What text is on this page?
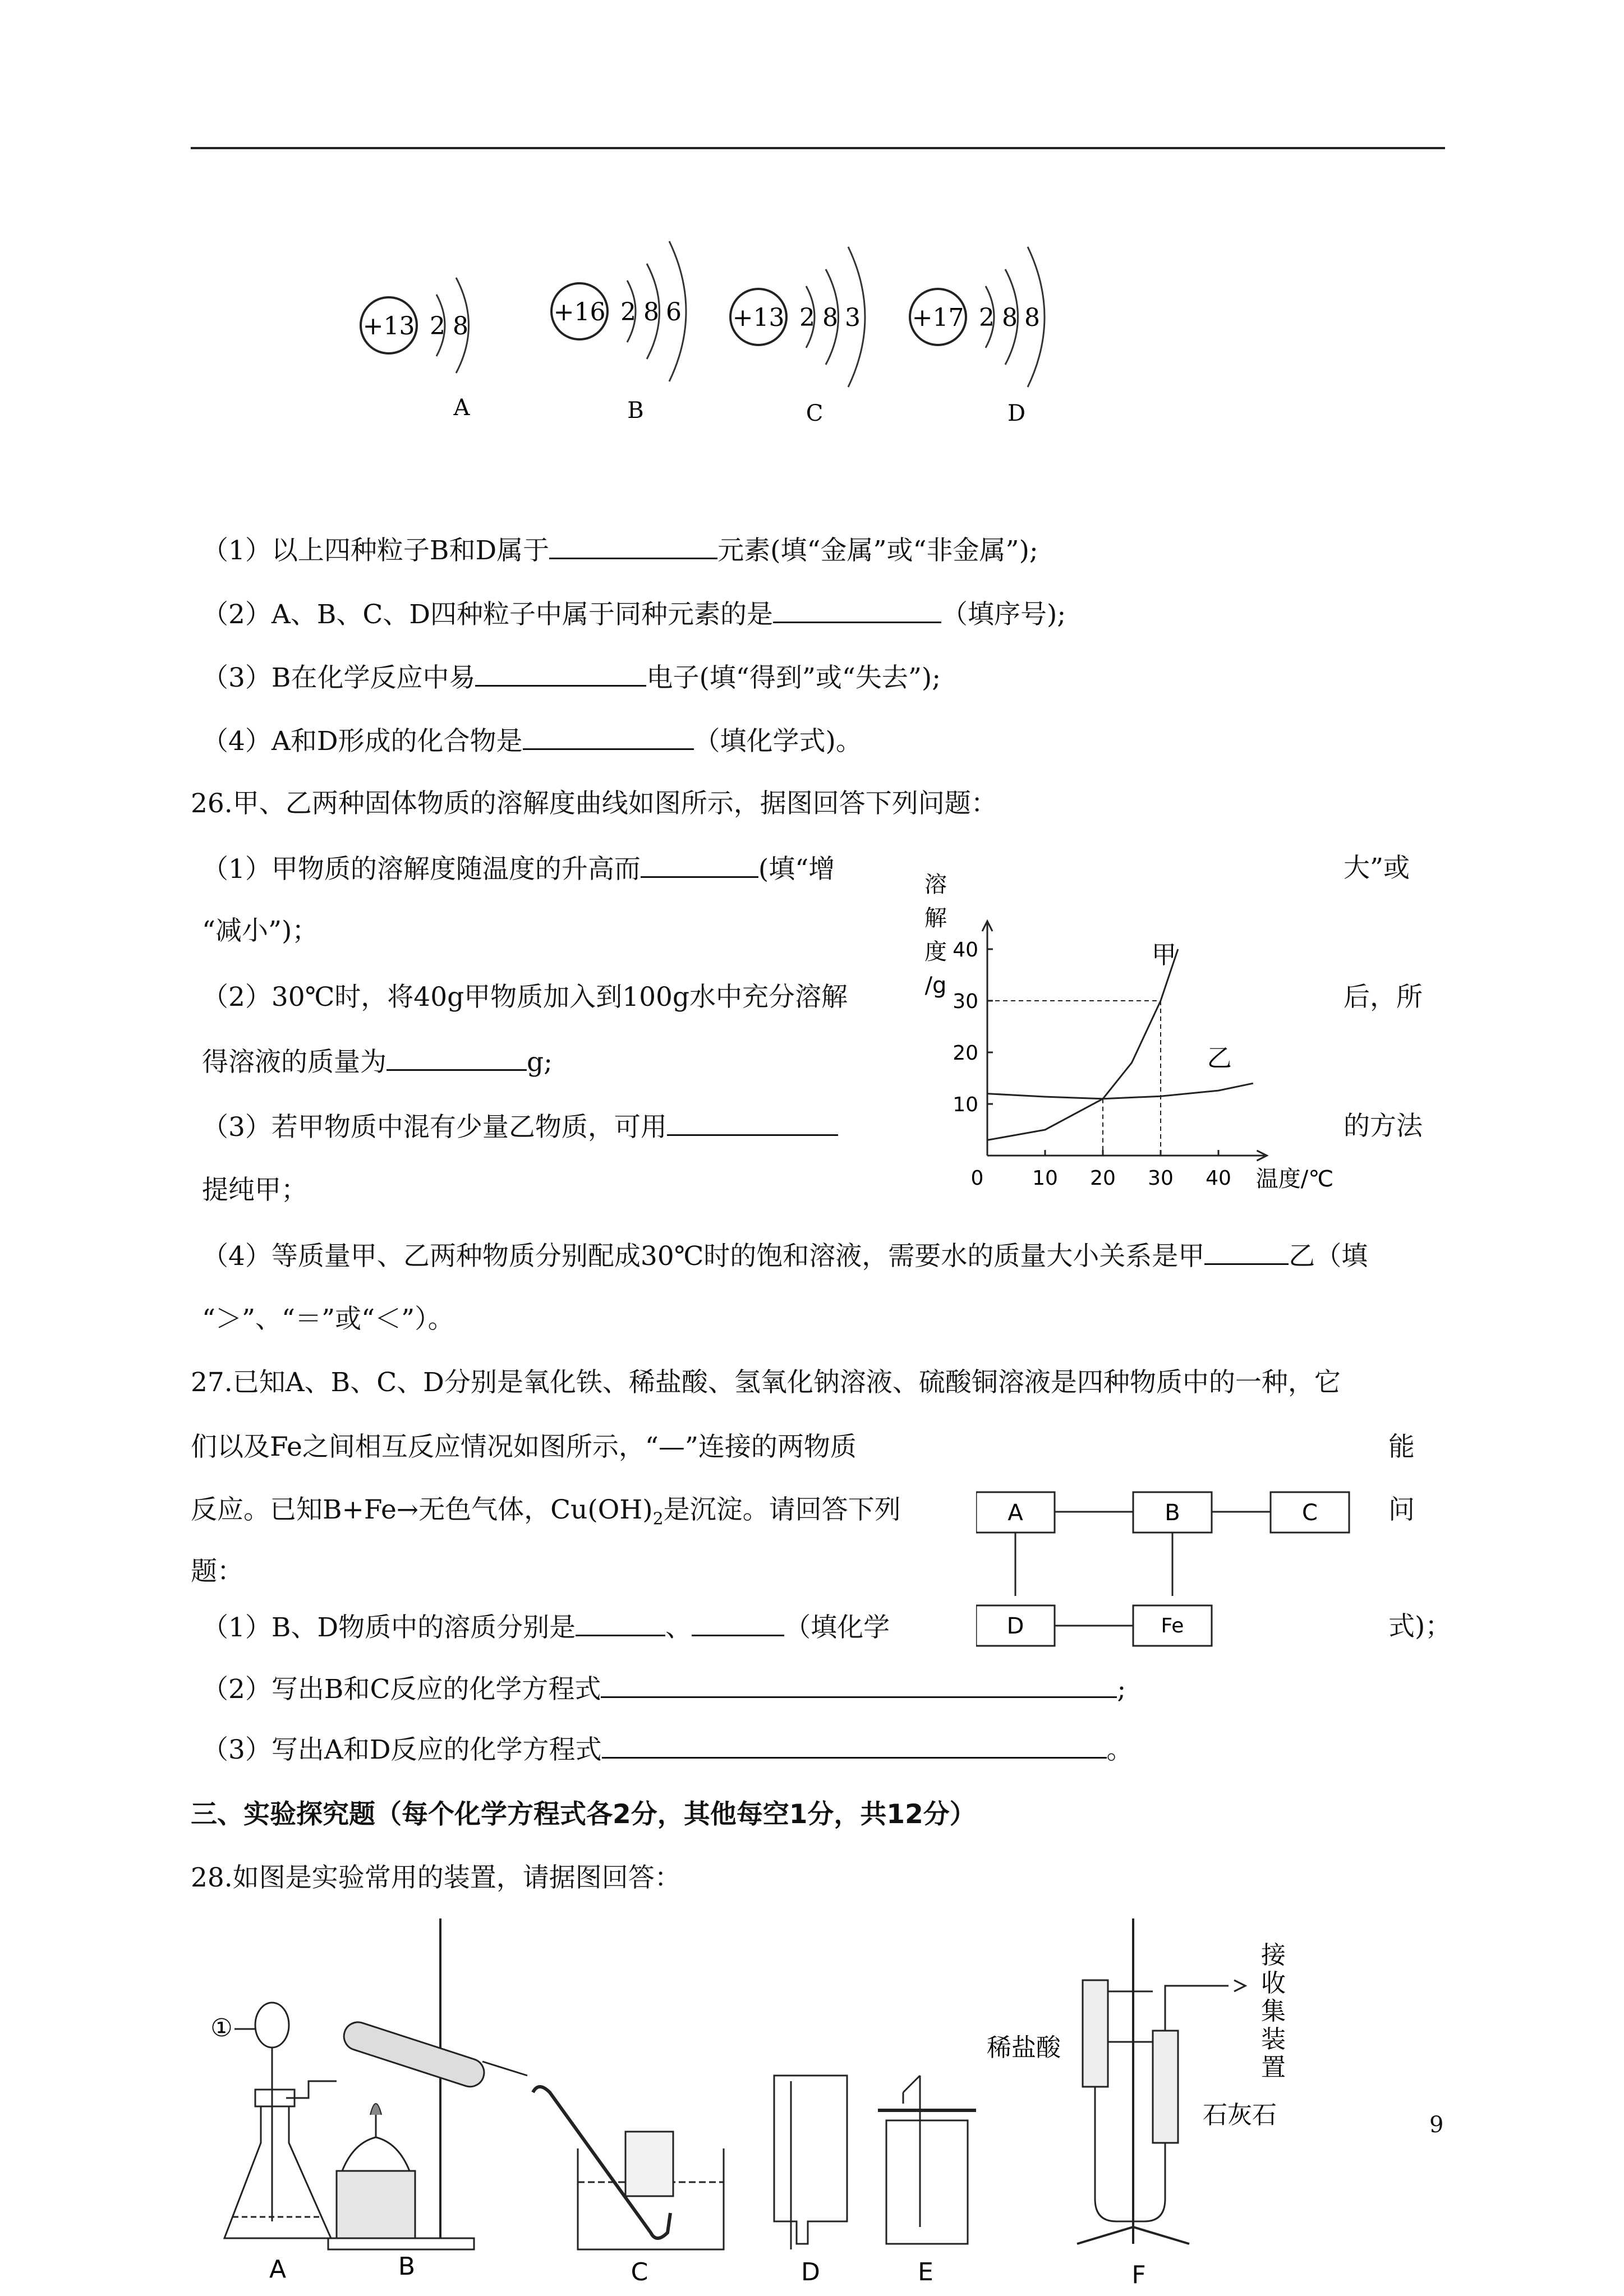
+13 2 8
A
+16 2 8 6
B
+13 2 8 3
C
+17 2 8 8
D
（1）以上四种粒子B和D属于	元素(填“金属”或“非金属”);
（2）A、B、C、D四种粒子中属于同种元素的是	（填序号);
（3）B在化学反应中易	电子(填“得到”或“失去”);
（4）A和D形成的化合物是	（填化学式)。
26.甲、乙两种固体物质的溶解度曲线如图所示，据图回答下列问题：
（1）甲物质的溶解度随温度的升高而	(填“增	大”或
“减小”)；
（2）30℃时，将40g甲物质加入到100g水中充分溶解	后，所
得溶液的质量为	g;
（3）若甲物质中混有少量乙物质，可用	的方法
提纯甲；
（4）等质量甲、乙两种物质分别配成30℃时的饱和溶液，需要水的质量大小关系是甲	乙（填
“＞”、“＝”或“＜”）。
溶
解
度
/g
0 10 20 30 40
10
20
30
40	甲
乙
温度/℃
27.已知A、B、C、D分别是氧化铁、稀盐酸、氢氧化钠溶液、硫酸铜溶液是四种物质中的一种，它
们以及Fe之间相互反应情况如图所示，“—”连接的两物质	能
反应。已知B+Fe→无色气体，$Cu(OH)_2$是沉淀。请回答下列	问
题：
（1）B、D物质中的溶质分别是	、	（填化学	式)；
（2）写出B和C反应的化学方程式	;
（3）写出A和D反应的化学方程式	。
A	B	C
D	Fe
三、实验探究题（每个化学方程式各2分，其他每空1分，共12分）
28.如图是实验常用的装置，请据图回答：
①
A	B	C	D	E
稀盐酸
石灰石
接
收
集
装
置
F
9
